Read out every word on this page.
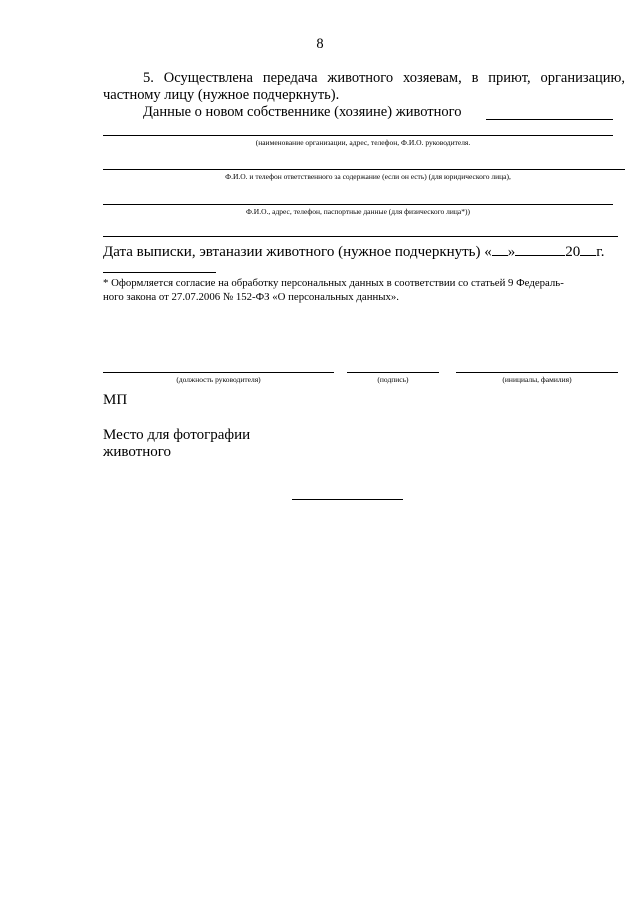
8
5. Осуществлена передача животного хозяевам, в приют, организацию,
частному лицу (нужное подчеркнуть).
Данные о новом собственнике (хозяине) животного
(наименование организации, адрес, телефон, Ф.И.О. руководителя.
Ф.И.О. и телефон ответственного за содержание (если он есть) (для юридического лица),
Ф.И.О., адрес, телефон, паспортные данные (для физического лица*))
Дата выписки, эвтаназии животного (нужное подчеркнуть) « »	20 г.
* Оформляется согласие на обработку персональных данных в соответствии со статьей 9 Федераль-
ного закона от 27.07.2006 № 152-ФЗ «О персональных данных».
(должность руководителя)	(подпись)	(инициалы, фамилия)
МП
Место для фотографии
животного
